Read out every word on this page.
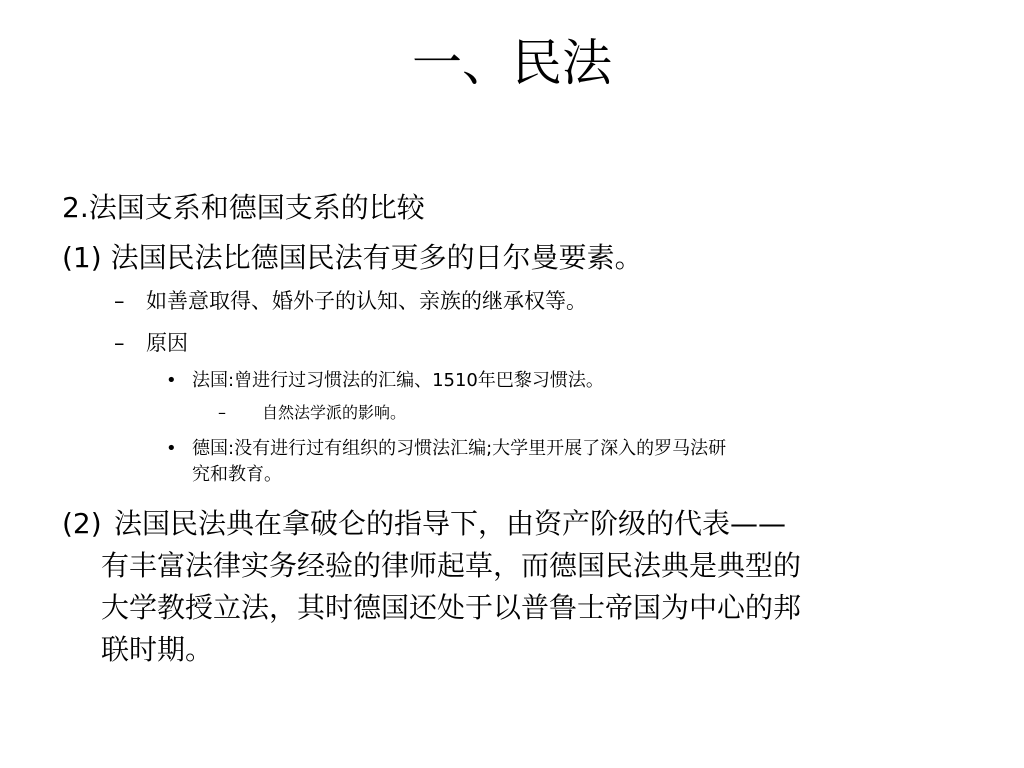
一、民法
2.法国支系和德国支系的比较
(1) 法国民法比德国民法有更多的日尔曼要素。
– 如善意取得、婚外子的认知、亲族的继承权等。
– 原因
• 法国:曾进行过习惯法的汇编、1510年巴黎习惯法。
– 自然法学派的影响。
• 德国:没有进行过有组织的习惯法汇编;大学里开展了深入的罗马法研
究和教育。
(2) 法国民法典在拿破仑的指导下，由资产阶级的代表——
有丰富法律实务经验的律师起草，而德国民法典是典型的
大学教授立法，其时德国还处于以普鲁士帝国为中心的邦
联时期。
